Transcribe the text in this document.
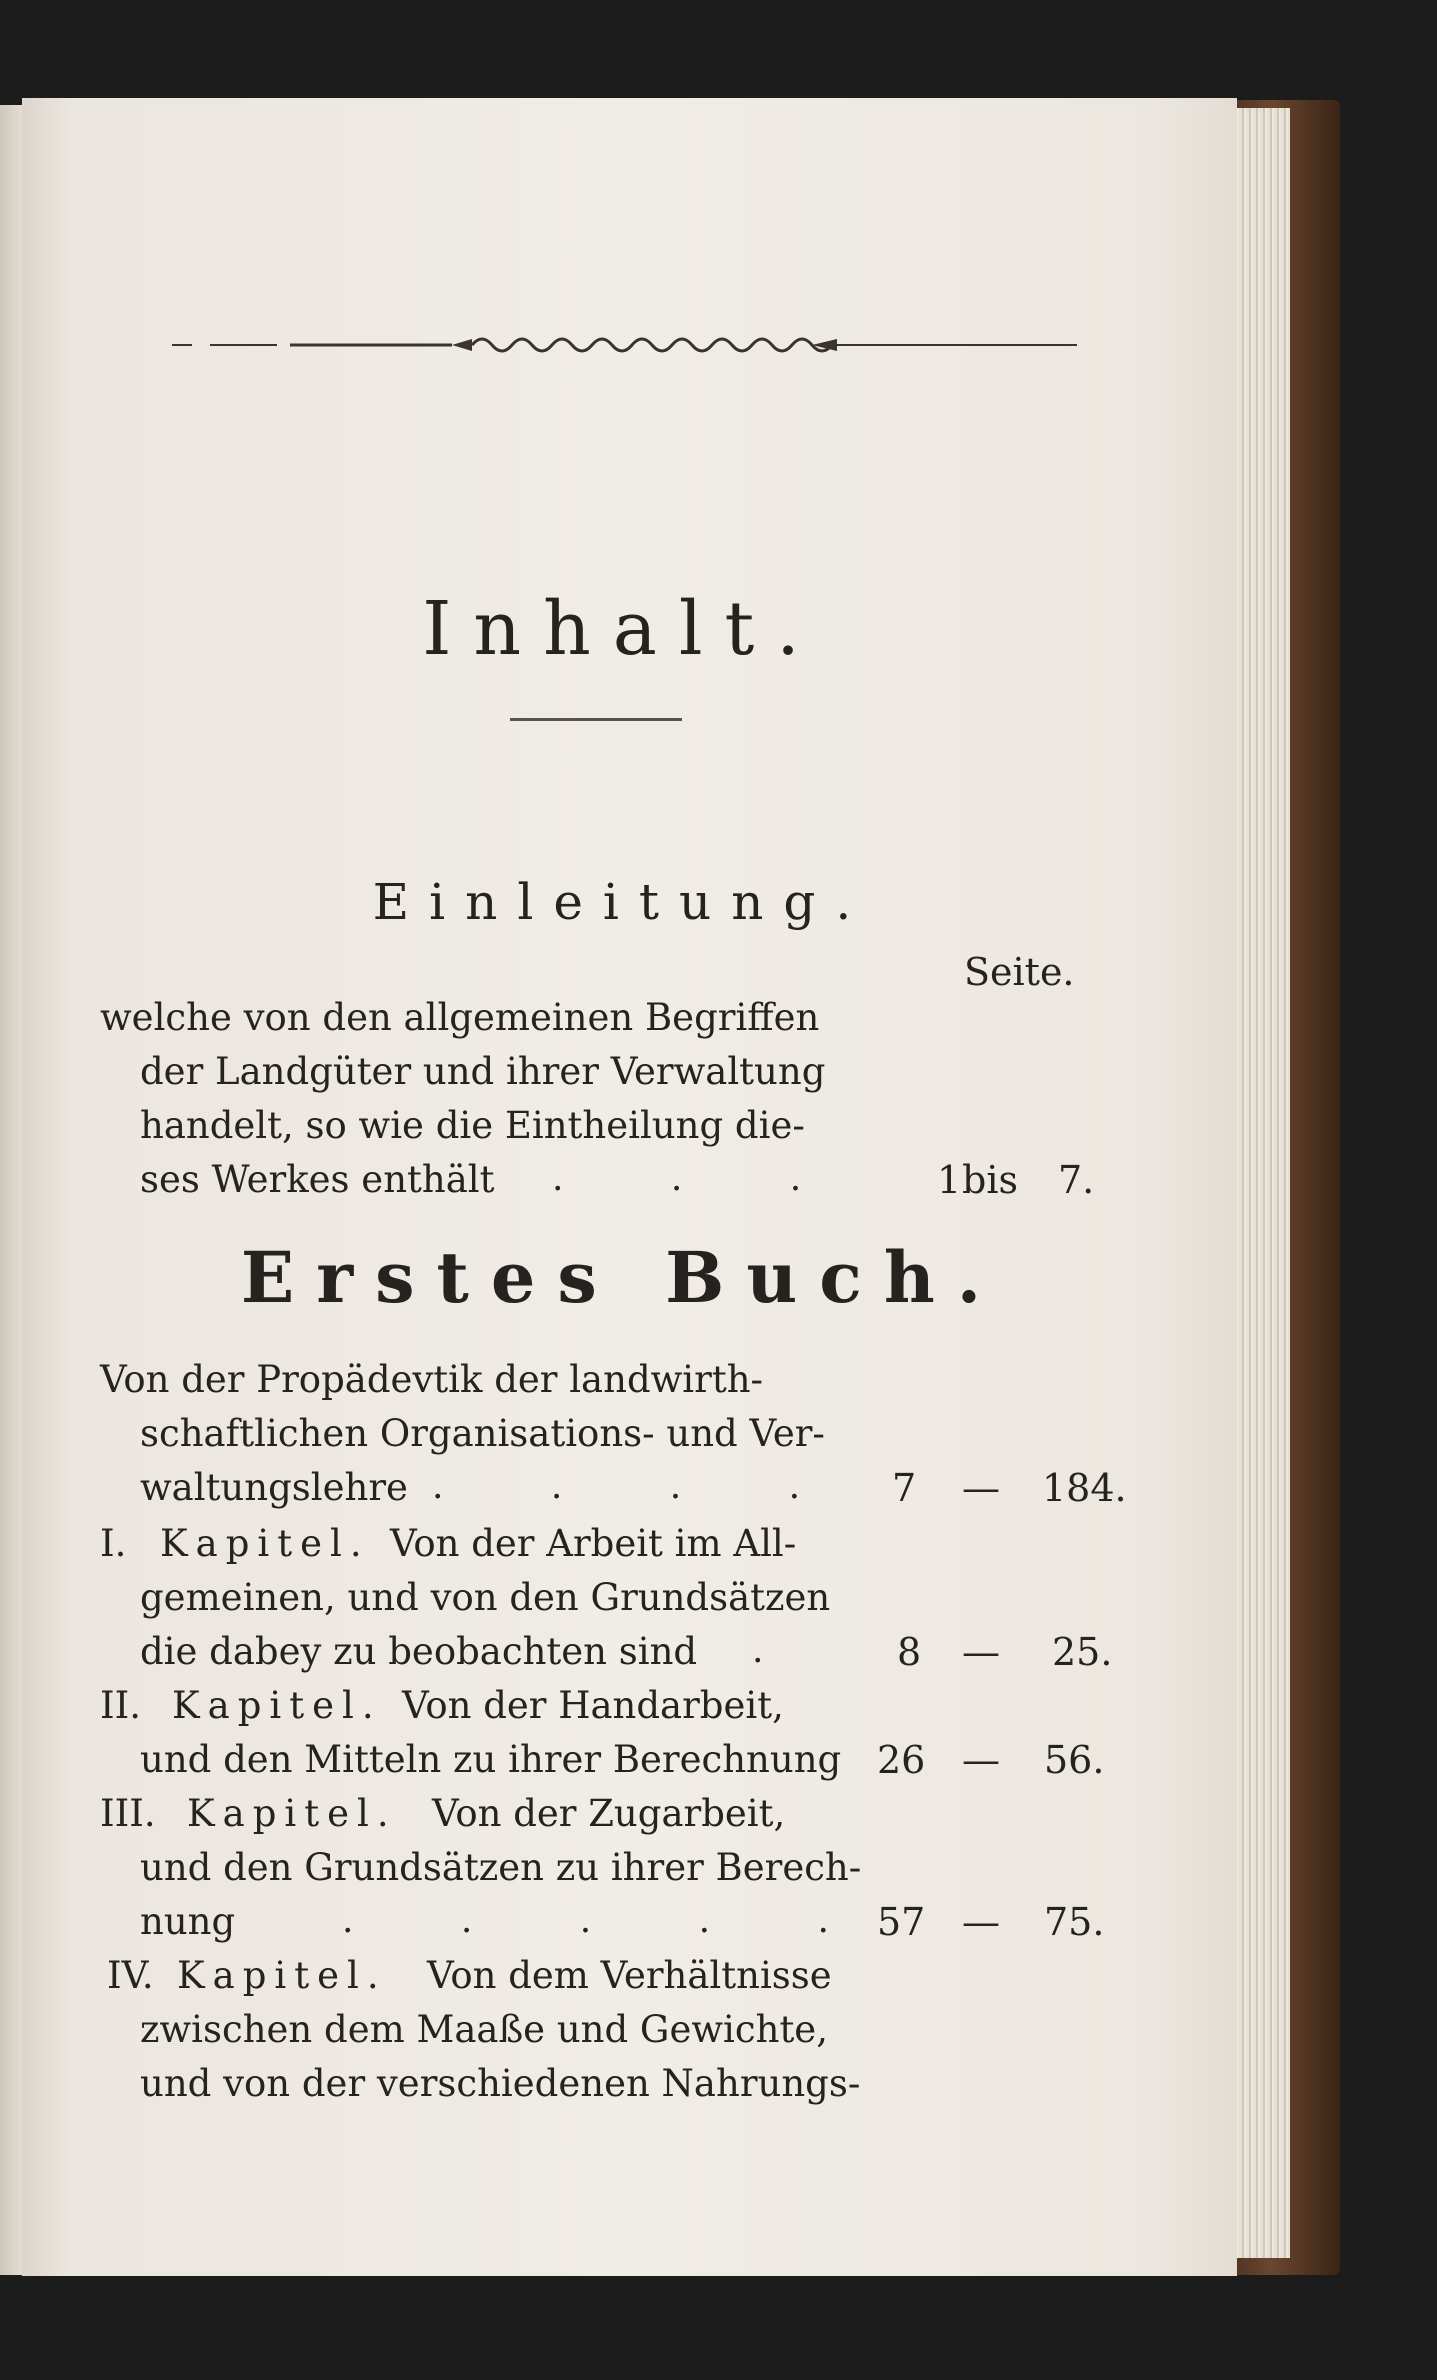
Inhalt.
Einleitung.
Seite.
welche von den allgemeinen Begriffen
der Landgüter und ihrer Verwaltung
handelt, so wie die Eintheilung die-
ses Werkes enthält . . . 1 bis 7.
Erstes Buch.
Von der Propädevtik der landwirth-
schaftlichen Organisations- und Ver-
waltungslehre . . . . 7 — 184.
I. Kapitel. Von der Arbeit im All-
gemeinen, und von den Grundsätzen
die dabey zu beobachten sind . 8 — 25.
II. Kapitel. Von der Handarbeit,
und den Mitteln zu ihrer Berechnung 26 — 56.
III. Kapitel. Von der Zugarbeit,
und den Grundsätzen zu ihrer Berech-
nung	. . . . . 57 — 75.
IV. Kapitel. Von dem Verhältnisse
zwischen dem Maaße und Gewichte,
und von der verschiedenen Nahrungs-
